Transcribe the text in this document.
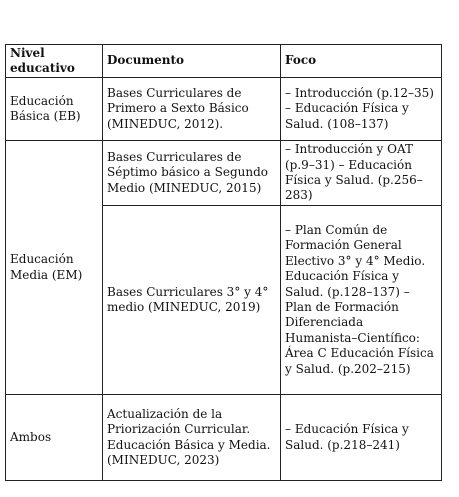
Nivel educativo	Documento	Foco
Educación Básica (EB)	Bases Curriculares de Primero a Sexto Básico (MINEDUC, 2012).	– Introducción (p.12–35) – Educación Física y Salud. (108–137)
Educación Media (EM)	Bases Curriculares de Séptimo básico a Segundo Medio (MINEDUC, 2015)	– Introducción y OAT (p.9–31) – Educación Física y Salud. (p.256–283)
	Bases Curriculares 3° y 4° medio (MINEDUC, 2019)	– Plan Común de Formación General Electivo 3° y 4° Medio. Educación Física y Salud. (p.128–137) – Plan de Formación Diferenciada Humanista–Científico: Área C Educación Física y Salud. (p.202–215)
Ambos	Actualización de la Priorización Curricular. Educación Básica y Media. (MINEDUC, 2023)	– Educación Física y Salud. (p.218–241)
